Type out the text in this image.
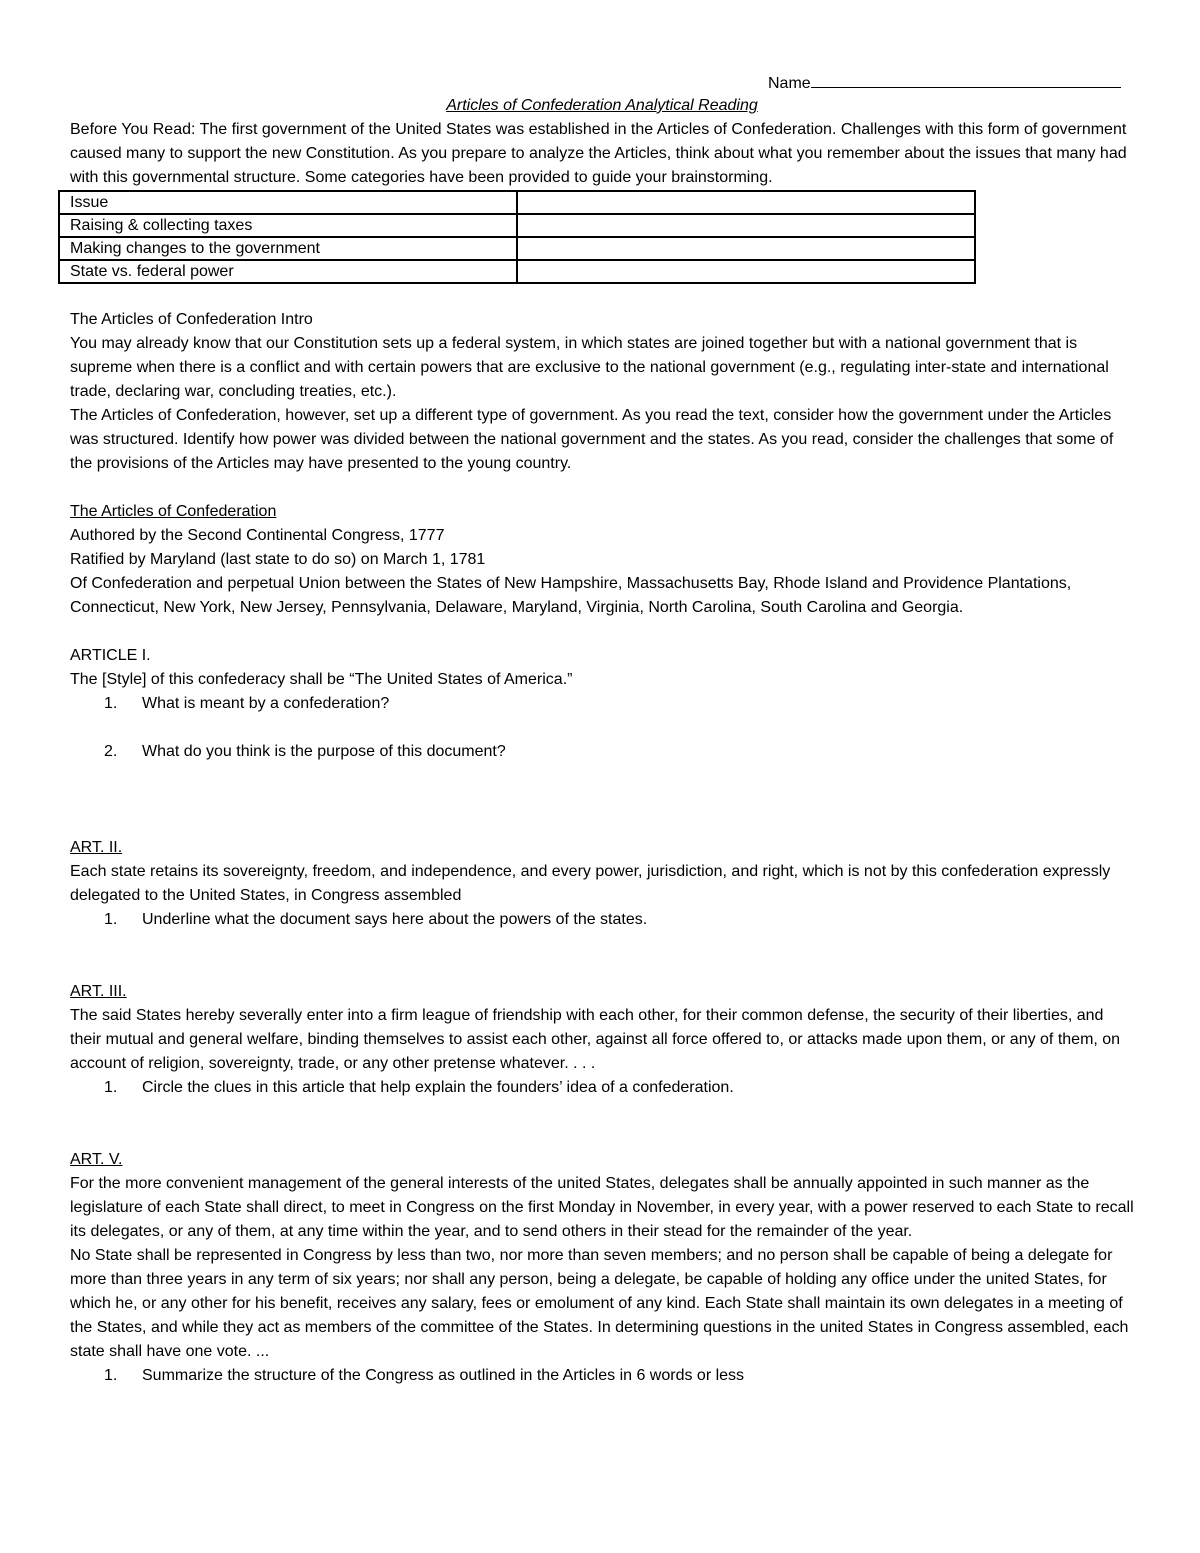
Name
Articles of Confederation Analytical Reading

Before You Read: The first government of the United States was established in the Articles of Confederation. Challenges with this form of government caused many to support the new Constitution. As you prepare to analyze the Articles, think about what you remember about the issues that many had with this governmental structure. Some categories have been provided to guide your brainstorming.

Issue	
Raising & collecting taxes	
Making changes to the government	
State vs. federal power	

The Articles of Confederation Intro

You may already know that our Constitution sets up a federal system, in which states are joined together but with a national government that is supreme when there is a conflict and with certain powers that are exclusive to the national government (e.g., regulating inter-state and international trade, declaring war, concluding treaties, etc.).

The Articles of Confederation, however, set up a different type of government. As you read the text, consider how the government under the Articles was structured. Identify how power was divided between the national government and the states. As you read, consider the challenges that some of the provisions of the Articles may have presented to the young country.

The Articles of Confederation

Authored by the Second Continental Congress, 1777

Ratified by Maryland (last state to do so) on March 1, 1781

Of Confederation and perpetual Union between the States of New Hampshire, Massachusetts Bay, Rhode Island and Providence Plantations, Connecticut, New York, New Jersey, Pennsylvania, Delaware, Maryland, Virginia, North Carolina, South Carolina and Georgia.

ARTICLE I.

The [Style] of this confederacy shall be “The United States of America.”

1.	What is meant by a confederation?
2.	What do you think is the purpose of this document?

ART. II.

Each state retains its sovereignty, freedom, and independence, and every power, jurisdiction, and right, which is not by this confederation expressly delegated to the United States, in Congress assembled

1.	Underline what the document says here about the powers of the states.

ART. III.

The said States hereby severally enter into a firm league of friendship with each other, for their common defense, the security of their liberties, and their mutual and general welfare, binding themselves to assist each other, against all force offered to, or attacks made upon them, or any of them, on account of religion, sovereignty, trade, or any other pretense whatever. . . .

1.	Circle the clues in this article that help explain the founders’ idea of a confederation.

ART. V.

For the more convenient management of the general interests of the united States, delegates shall be annually appointed in such manner as the legislature of each State shall direct, to meet in Congress on the first Monday in November, in every year, with a power reserved to each State to recall its delegates, or any of them, at any time within the year, and to send others in their stead for the remainder of the year.

No State shall be represented in Congress by less than two, nor more than seven members; and no person shall be capable of being a delegate for more than three years in any term of six years; nor shall any person, being a delegate, be capable of holding any office under the united States, for which he, or any other for his benefit, receives any salary, fees or emolument of any kind. Each State shall maintain its own delegates in a meeting of the States, and while they act as members of the committee of the States. In determining questions in the united States in Congress assembled, each state shall have one vote. ...

1.	Summarize the structure of the Congress as outlined in the Articles in 6 words or less
